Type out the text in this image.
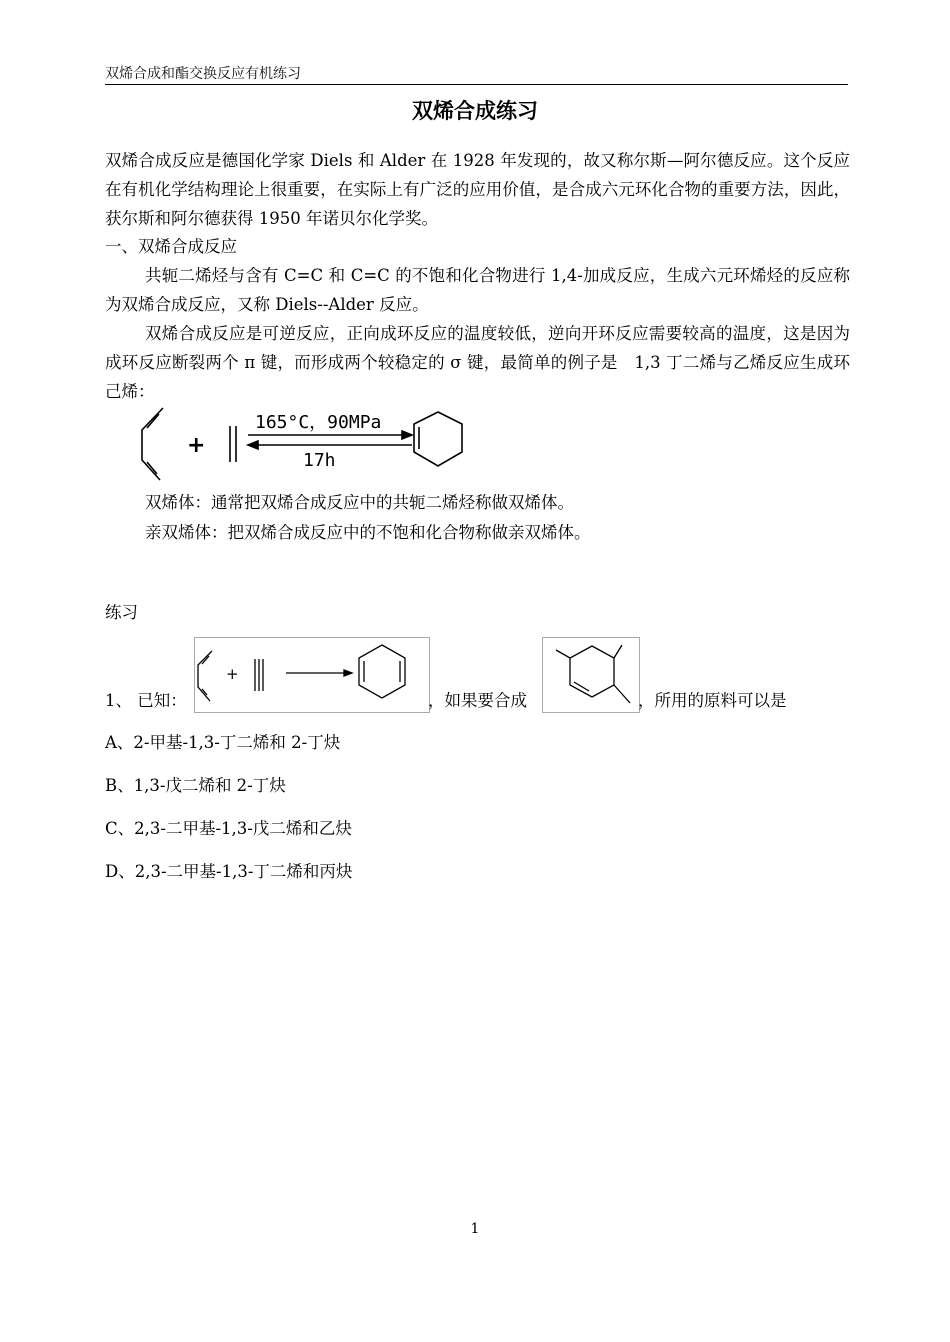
双烯合成和酯交换反应有机练习
双烯合成练习
双烯合成反应是德国化学家 Diels 和 Alder 在 1928 年发现的，故又称尔斯—阿尔德反应。这个反应在有机化学结构理论上很重要，在实际上有广泛的应用价值，是合成六元环化合物的重要方法，因此，获尔斯和阿尔德获得 1950 年诺贝尔化学奖。
一、双烯合成反应
共轭二烯烃与含有 C=C 和 C=C 的不饱和化合物进行 1,4-加成反应，生成六元环烯烃的反应称为双烯合成反应，又称 Diels--Alder 反应。
双烯合成反应是可逆反应，正向成环反应的温度较低，逆向开环反应需要较高的温度，这是因为成环反应断裂两个 π 键，而形成两个较稳定的 σ 键，最简单的例子是　1,3 丁二烯与乙烯反应生成环己烯：
+
165°C，90MPa
17h
双烯体：通常把双烯合成反应中的共轭二烯烃称做双烯体。
亲双烯体：把双烯合成反应中的不饱和化合物称做亲双烯体。
练习
1、 已知：
+
，如果要合成	，所用的原料可以是
A、2-甲基-1,3-丁二烯和 2-丁炔
B、1,3-戊二烯和 2-丁炔
C、2,3-二甲基-1,3-戊二烯和乙炔
D、2,3-二甲基-1,3-丁二烯和丙炔
1
